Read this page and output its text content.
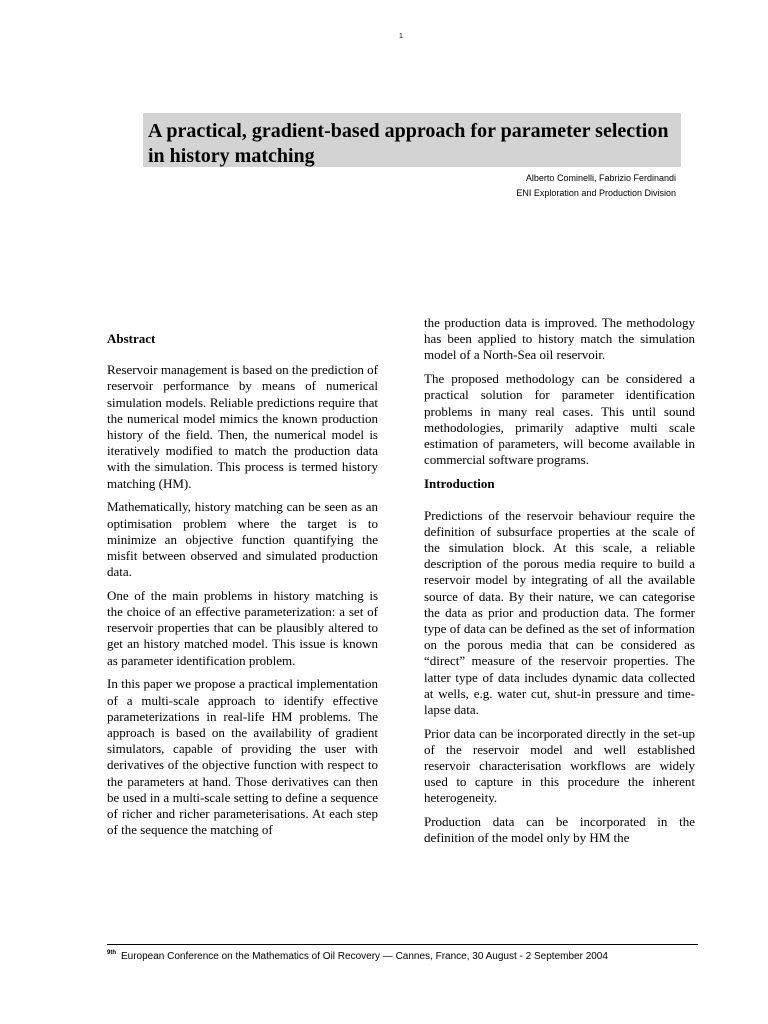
1
A practical, gradient-based approach for parameter selection in history matching
Alberto Cominelli, Fabrizio Ferdinandi
ENI Exploration and Production Division
Abstract

Reservoir management is based on the prediction of reservoir performance by means of numerical simulation models. Reliable predictions require that the numerical model mimics the known production history of the field. Then, the numerical model is iteratively modified to match the production data with the simulation. This process is termed history matching (HM).

Mathematically, history matching can be seen as an optimisation problem where the target is to minimize an objective function quantifying the misfit between observed and simulated production data.

One of the main problems in history matching is the choice of an effective parameterization: a set of reservoir properties that can be plausibly altered to get an history matched model. This issue is known as parameter identification problem.

In this paper we propose a practical implementation of a multi-scale approach to identify effective parameterizations in real-life HM problems. The approach is based on the availability of gradient simulators, capable of providing the user with derivatives of the objective function with respect to the parameters at hand. Those derivatives can then be used in a multi-scale setting to define a sequence of richer and richer parameterisations. At each step of the sequence the matching of

the production data is improved. The methodology has been applied to history match the simulation model of a North-Sea oil reservoir.

The proposed methodology can be considered a practical solution for parameter identification problems in many real cases. This until sound methodologies, primarily adaptive multi scale estimation of parameters, will become available in commercial software programs.

Introduction

Predictions of the reservoir behaviour require the definition of subsurface properties at the scale of the simulation block. At this scale, a reliable description of the porous media require to build a reservoir model by integrating of all the available source of data. By their nature, we can categorise the data as prior and production data. The former type of data can be defined as the set of information on the porous media that can be considered as “direct” measure of the reservoir properties. The latter type of data includes dynamic data collected at wells, e.g. water cut, shut-in pressure and time-lapse data.

Prior data can be incorporated directly in the set-up of the reservoir model and well established reservoir characterisation workflows are widely used to capture in this procedure the inherent heterogeneity.

Production data can be incorporated in the definition of the model only by HM the

$^{9th}$ European Conference on the Mathematics of Oil Recovery — Cannes, France, 30 August - 2 September 2004
